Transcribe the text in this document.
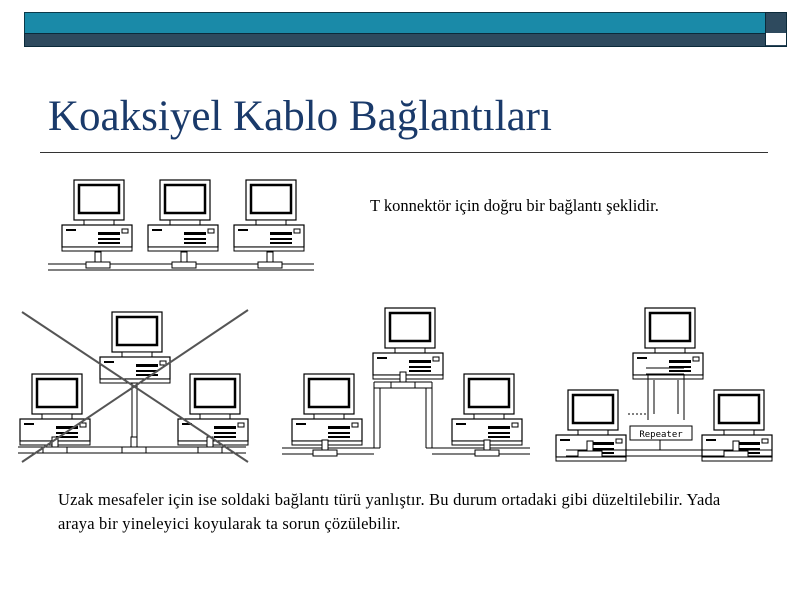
Koaksiyel Kablo Bağlantıları
Repeater
T konnektör için doğru bir bağlantı şeklidir.
Uzak mesafeler için ise soldaki bağlantı türü yanlıştır. Bu durum ortadaki gibi düzeltilebilir. Yada araya bir yineleyici koyularak ta sorun çözülebilir.
